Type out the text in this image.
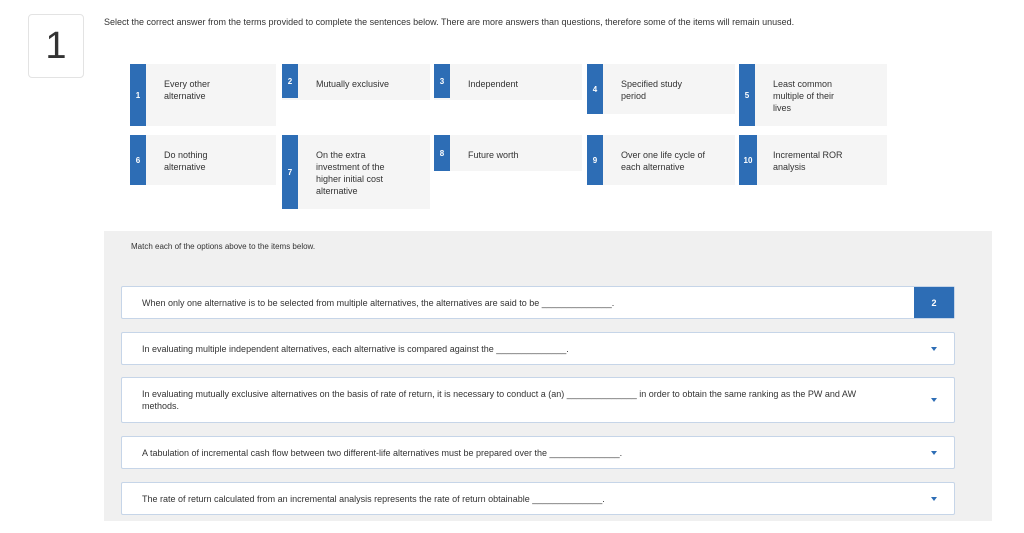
1
Select the correct answer from the terms provided to complete the sentences below. There are more answers than questions, therefore some of the items will remain unused.
1
Every other alternative
2	Mutually exclusive	3	Independent	4	Specified study period	5
Least common multiple of their lives
6	Do nothing alternative	7
On the extra investment of the higher initial cost alternative
8	Future worth	9	Over one life cycle of each alternative
10	Incremental ROR analysis
Match each of the options above to the items below.
When only one alternative is to be selected from multiple alternatives, the alternatives are said to be ______________.	2
In evaluating multiple independent alternatives, each alternative is compared against the ______________.
In evaluating mutually exclusive alternatives on the basis of rate of return, it is necessary to conduct a (an) ______________ in order to obtain the same ranking as the PW and AW methods.
A tabulation of incremental cash flow between two different-life alternatives must be prepared over the ______________.
The rate of return calculated from an incremental analysis represents the rate of return obtainable ______________.
